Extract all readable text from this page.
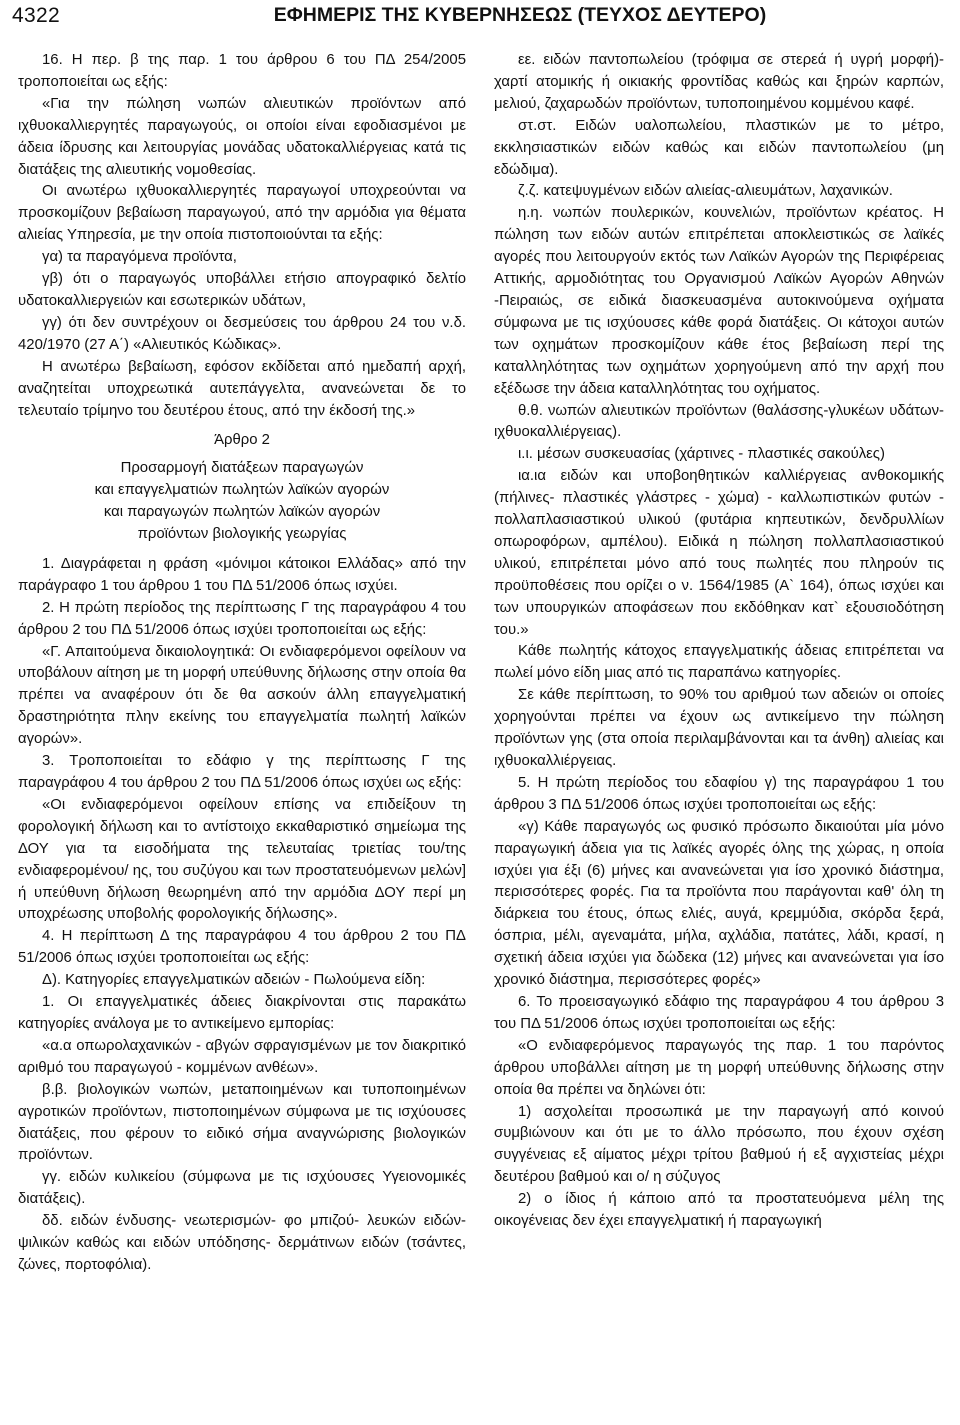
4322	ΕΦΗΜΕΡΙΣ ΤΗΣ ΚΥΒΕΡΝΗΣΕΩΣ (ΤΕΥΧΟΣ ΔΕΥΤΕΡΟ)

16. Η περ. β της παρ. 1 του άρθρου 6 του ΠΔ 254/2005 τροποποιείται ως εξής:

«Για την πώληση νωπών αλιευτικών προϊόντων από ιχθυοκαλλιεργητές παραγωγούς, οι οποίοι είναι εφοδιασμένοι με άδεια ίδρυσης και λειτουργίας μονάδας υδατοκαλλιέργειας κατά τις διατάξεις της αλιευτικής νομοθεσίας.

Οι ανωτέρω ιχθυοκαλλιεργητές παραγωγοί υποχρεούνται να προσκομίζουν βεβαίωση παραγωγού, από την αρμόδια για θέματα αλιείας Υπηρεσία, με την οποία πιστοποιούνται τα εξής:

γα) τα παραγόμενα προϊόντα,

γβ) ότι ο παραγωγός υποβάλλει ετήσιο απογραφικό δελτίο υδατοκαλλιεργειών και εσωτερικών υδάτων,

γγ) ότι δεν συντρέχουν οι δεσμεύσεις του άρθρου 24 του ν.δ. 420/1970 (27 Α΄) «Αλιευτικός Κώδικας».

Η ανωτέρω βεβαίωση, εφόσον εκδίδεται από ημεδαπή αρχή, αναζητείται υποχρεωτικά αυτεπάγγελτα, ανανεώνεται δε το τελευταίο τρίμηνο του δευτέρου έτους, από την έκδοσή της.»

Άρθρο 2

Προσαρμογή διατάξεων παραγωγών

και επαγγελματιών πωλητών λαϊκών αγορών

και παραγωγών πωλητών λαϊκών αγορών

προϊόντων βιολογικής γεωργίας

1. Διαγράφεται η φράση «μόνιμοι κάτοικοι Ελλάδας» από την παράγραφο 1 του άρθρου 1 του ΠΔ 51/2006 όπως ισχύει.

2. Η πρώτη περίοδος της περίπτωσης Γ της παραγράφου 4 του άρθρου 2 του ΠΔ 51/2006 όπως ισχύει τροποποιείται ως εξής:

«Γ. Απαιτούμενα δικαιολογητικά: Οι ενδιαφερόμενοι οφείλουν να υποβάλουν αίτηση με τη μορφή υπεύθυνης δήλωσης στην οποία θα πρέπει να αναφέρουν ότι δε θα ασκούν άλλη επαγγελματική δραστηριότητα πλην εκείνης του επαγγελματία πωλητή λαϊκών αγορών».

3. Τροποποιείται το εδάφιο γ της περίπτωσης Γ της παραγράφου 4 του άρθρου 2 του ΠΔ 51/2006 όπως ισχύει ως εξής:

«Οι ενδιαφερόμενοι οφείλουν επίσης να επιδείξουν τη φορολογική δήλωση και το αντίστοιχο εκκαθαριστικό σημείωμα της ΔΟΥ για τα εισοδήματα της τελευταίας τριετίας του/της ενδιαφερομένου/ ης, του συζύγου και των προστατευόμενων μελών] ή υπεύθυνη δήλωση θεωρημένη από την αρμόδια ΔΟΥ περί μη υποχρέωσης υποβολής φορολογικής δήλωσης».

4. Η περίπτωση Δ της παραγράφου 4 του άρθρου 2 του ΠΔ 51/2006 όπως ισχύει τροποποιείται ως εξής:

Δ). Κατηγορίες επαγγελματικών αδειών - Πωλούμενα είδη:

1. Οι επαγγελματικές άδειες διακρίνονται στις παρακάτω κατηγορίες ανάλογα με το αντικείμενο εμπορίας:

«α.α οπωρολαχανικών - αβγών σφραγισμένων με τον διακριτικό αριθμό του παραγωγού - κομμένων ανθέων».

β.β. βιολογικών νωπών, μεταποιημένων και τυποποιημένων αγροτικών προϊόντων, πιστοποιημένων σύμφωνα με τις ισχύουσες διατάξεις, που φέρουν το ειδικό σήμα αναγνώρισης βιολογικών προϊόντων.

γγ. ειδών κυλικείου (σύμφωνα με τις ισχύουσες Υγειονομικές διατάξεις).

δδ. ειδών ένδυσης- νεωτερισμών- φο μπιζού- λευκών ειδών- ψιλικών καθώς και ειδών υπόδησης- δερμάτινων ειδών (τσάντες, ζώνες, πορτοφόλια).

εε. ειδών παντοπωλείου (τρόφιμα σε στερεά ή υγρή μορφή)- χαρτί ατομικής ή οικιακής φροντίδας καθώς και ξηρών καρπών, μελιού, ζαχαρωδών προϊόντων, τυποποιημένου κομμένου καφέ.

στ.στ. Ειδών υαλοπωλείου, πλαστικών με το μέτρο, εκκλησιαστικών ειδών καθώς και ειδών παντοπωλείου (μη εδώδιμα).

ζ.ζ. κατεψυγμένων ειδών αλιείας-αλιευμάτων, λαχανικών.

η.η. νωπών πουλερικών, κουνελιών, προϊόντων κρέατος. Η πώληση των ειδών αυτών επιτρέπεται αποκλειστικώς σε λαϊκές αγορές που λειτουργούν εκτός των Λαϊκών Αγορών της Περιφέρειας Αττικής, αρμοδιότητας του Οργανισμού Λαϊκών Αγορών Αθηνών -Πειραιώς, σε ειδικά διασκευασμένα αυτοκινούμενα οχήματα σύμφωνα με τις ισχύουσες κάθε φορά διατάξεις. Οι κάτοχοι αυτών των οχημάτων προσκομίζουν κάθε έτος βεβαίωση περί της καταλληλότητας των οχημάτων χορηγούμενη από την αρχή που εξέδωσε την άδεια καταλληλότητας του οχήματος.

θ.θ. νωπών αλιευτικών προϊόντων (θαλάσσης-γλυκέων υδάτων-ιχθυοκαλλιέργειας).

ι.ι. μέσων συσκευασίας (χάρτινες - πλαστικές σακούλες)

ια.ια ειδών και υποβοηθητικών καλλιέργειας ανθοκομικής (πήλινες- πλαστικές γλάστρες - χώμα) - καλλωπιστικών φυτών - πολλαπλασιαστικού υλικού (φυτάρια κηπευτικών, δενδρυλλίων οπωροφόρων, αμπέλου). Ειδικά η πώληση πολλαπλασιαστικού υλικού, επιτρέπεται μόνο από τους πωλητές που πληρούν τις προϋποθέσεις που ορίζει ο ν. 1564/1985 (Α` 164), όπως ισχύει και των υπουργικών αποφάσεων που εκδόθηκαν κατ` εξουσιοδότηση του.»

Κάθε πωλητής κάτοχος επαγγελματικής άδειας επιτρέπεται να πωλεί μόνο είδη μιας από τις παραπάνω κατηγορίες.

Σε κάθε περίπτωση, το 90% του αριθμού των αδειών οι οποίες χορηγούνται πρέπει να έχουν ως αντικείμενο την πώληση προϊόντων γης (στα οποία περιλαμβάνονται και τα άνθη) αλιείας και ιχθυοκαλλιέργειας.

5. Η πρώτη περίοδος του εδαφίου γ) της παραγράφου 1 του άρθρου 3 ΠΔ 51/2006 όπως ισχύει τροποποιείται ως εξής:

«γ) Κάθε παραγωγός ως φυσικό πρόσωπο δικαιούται μία μόνο παραγωγική άδεια για τις λαϊκές αγορές όλης της χώρας, η οποία ισχύει για έξι (6) μήνες και ανανεώνεται για ίσο χρονικό διάστημα, περισσότερες φορές. Για τα προϊόντα που παράγονται καθ' όλη τη διάρκεια του έτους, όπως ελιές, αυγά, κρεμμύδια, σκόρδα ξερά, όσπρια, μέλι, αγεναμάτα, μήλα, αχλάδια, πατάτες, λάδι, κρασί, η σχετική άδεια ισχύει για δώδεκα (12) μήνες και ανανεώνεται για ίσο χρονικό διάστημα, περισσότερες φορές»

6. Το προεισαγωγικό εδάφιο της παραγράφου 4 του άρθρου 3 του ΠΔ 51/2006 όπως ισχύει τροποποιείται ως εξής:

«Ο ενδιαφερόμενος παραγωγός της παρ. 1 του παρόντος άρθρου υποβάλλει αίτηση με τη μορφή υπεύθυνης δήλωσης στην οποία θα πρέπει να δηλώνει ότι:

1) ασχολείται προσωπικά με την παραγωγή από κοινού συμβιώνουν και ότι με το άλλο πρόσωπο, που έχουν σχέση συγγένειας εξ αίματος μέχρι τρίτου βαθμού ή εξ αγχιστείας μέχρι δευτέρου βαθμού και ο/ η σύζυγος

2) ο ίδιος ή κάποιο από τα προστατευόμενα μέλη της οικογένειας δεν έχει επαγγελματική ή παραγωγική
